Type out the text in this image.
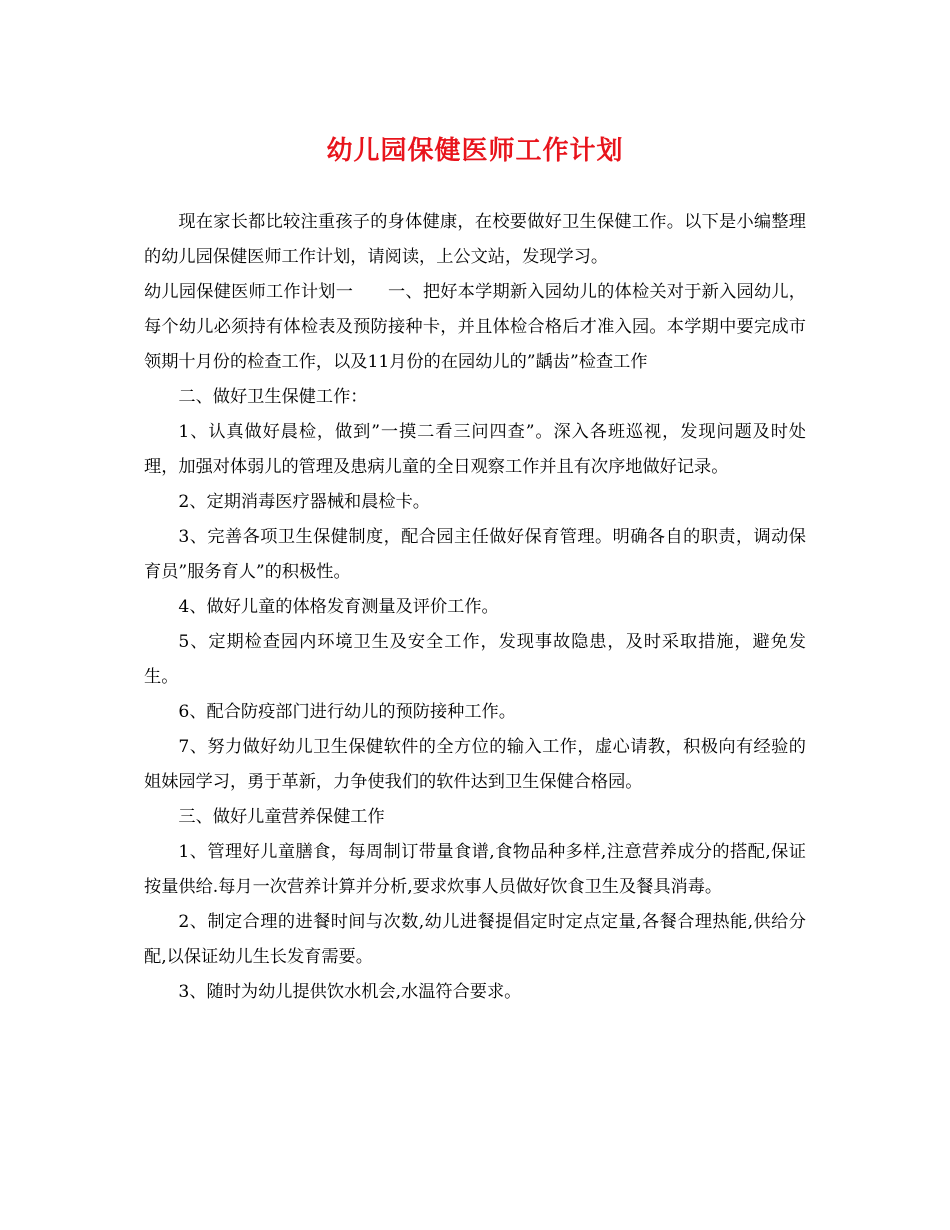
幼儿园保健医师工作计划

现在家长都比较注重孩子的身体健康，在校要做好卫生保健工作。以下是小编整理的幼儿园保健医师工作计划，请阅读，上公文站，发现学习。

幼儿园保健医师工作计划一　　一、把好本学期新入园幼儿的体检关对于新入园幼儿，每个幼儿必须持有体检表及预防接种卡，并且体检合格后才准入园。本学期中要完成市领期十月份的检查工作，以及11月份的在园幼儿的”龋齿”检查工作

二、做好卫生保健工作：

1、认真做好晨检，做到”一摸二看三问四查”。深入各班巡视，发现问题及时处理，加强对体弱儿的管理及患病儿童的全日观察工作并且有次序地做好记录。

2、定期消毒医疗器械和晨检卡。

3、完善各项卫生保健制度，配合园主任做好保育管理。明确各自的职责，调动保育员”服务育人”的积极性。

4、做好儿童的体格发育测量及评价工作。

5、定期检查园内环境卫生及安全工作，发现事故隐患，及时采取措施，避免发生。

6、配合防疫部门进行幼儿的预防接种工作。

7、努力做好幼儿卫生保健软件的全方位的输入工作，虚心请教，积极向有经验的姐妹园学习，勇于革新，力争使我们的软件达到卫生保健合格园。

三、做好儿童营养保健工作

1、管理好儿童膳食，每周制订带量食谱,食物品种多样,注意营养成分的搭配,保证按量供给.每月一次营养计算并分析,要求炊事人员做好饮食卫生及餐具消毒。

2、制定合理的进餐时间与次数,幼儿进餐提倡定时定点定量,各餐合理热能,供给分配,以保证幼儿生长发育需要。

3、随时为幼儿提供饮水机会,水温符合要求。
